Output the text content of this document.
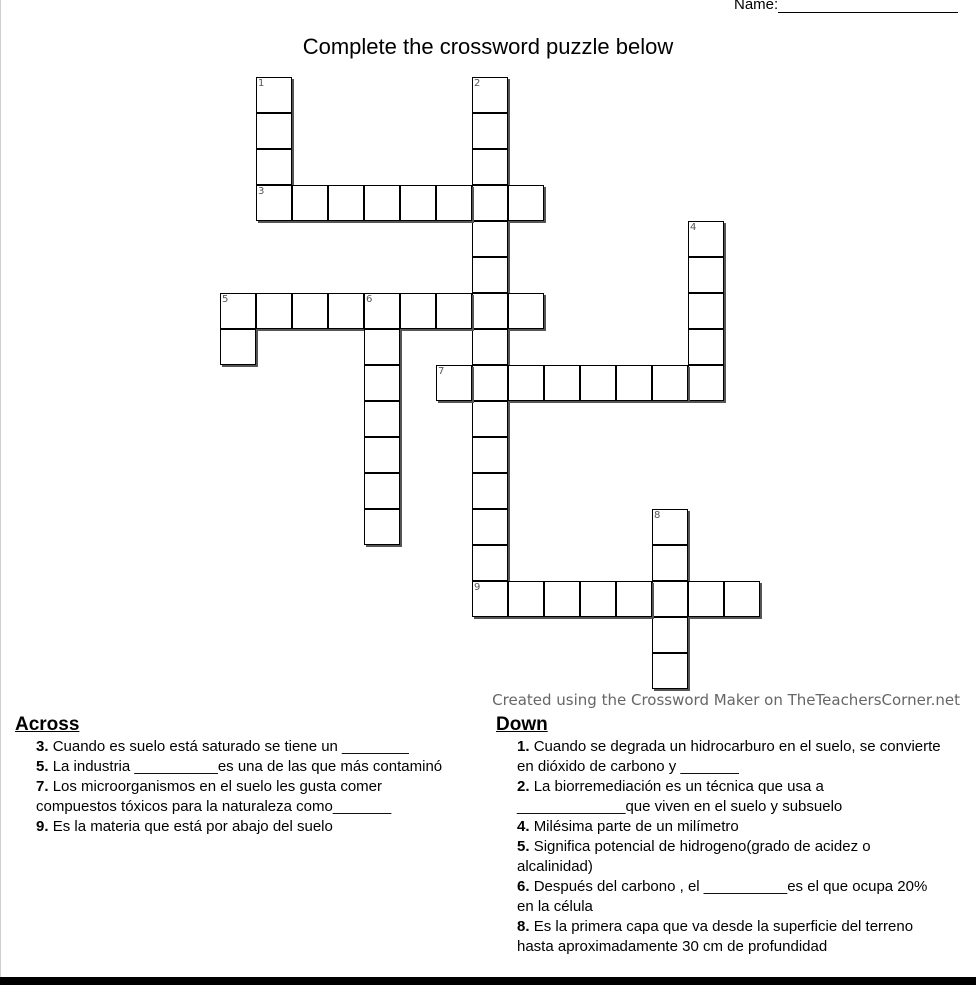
Name:
Complete the crossword puzzle below
1
3
2
9
4
5	6
7
8
Created using the Crossword Maker on TheTeachersCorner.net
Across
3. Cuando es suelo está saturado se tiene un ________
5. La industria __________es una de las que más contaminó
7. Los microorganismos en el suelo les gusta comer compuestos tóxicos para la naturaleza como_______
9. Es la materia que está por abajo del suelo
Down
1. Cuando se degrada un hidrocarburo en el suelo, se convierte en dióxido de carbono y _______
2. La biorremediación es un técnica que usa a _____________que viven en el suelo y subsuelo
4. Milésima parte de un milímetro
5. Significa potencial de hidrogeno(grado de acidez o alcalinidad)
6. Después del carbono , el __________es el que ocupa 20% en la célula
8. Es la primera capa que va desde la superficie del terreno hasta aproximadamente 30 cm de profundidad
